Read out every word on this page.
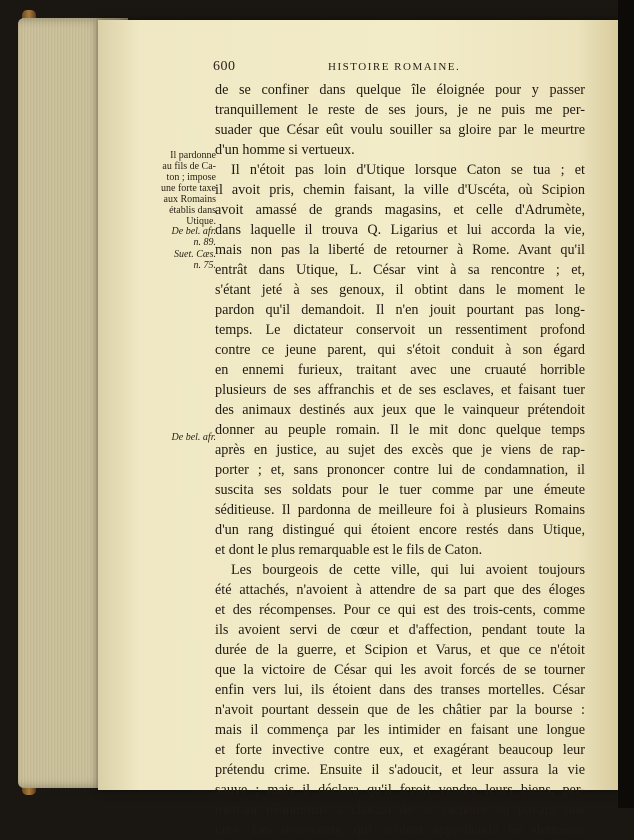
600	HISTOIRE ROMAINE.
Il pardonne
au fils de Ca-
ton ; impose
une forte taxe
aux Romains
établis dans
Utique.
De bel. afr.
n. 89.
Suet. Cæs.
n. 75.
De bel. afr.
de se confiner dans quelque île éloignée pour y passer
tranquillement le reste de ses jours, je ne puis me per-
suader que César eût voulu souiller sa gloire par le meurtre
d'un homme si vertueux.
Il n'étoit pas loin d'Utique lorsque Caton se tua ; et
il avoit pris, chemin faisant, la ville d'Uscéta, où Scipion
avoit amassé de grands magasins, et celle d'Adrumète,
dans laquelle il trouva Q. Ligarius et lui accorda la vie,
mais non pas la liberté de retourner à Rome. Avant qu'il
entrât dans Utique, L. César vint à sa rencontre ; et,
s'étant jeté à ses genoux, il obtint dans le moment le
pardon qu'il demandoit. Il n'en jouit pourtant pas long-
temps. Le dictateur conservoit un ressentiment profond
contre ce jeune parent, qui s'étoit conduit à son égard
en ennemi furieux, traitant avec une cruauté horrible
plusieurs de ses affranchis et de ses esclaves, et faisant tuer
des animaux destinés aux jeux que le vainqueur prétendoit
donner au peuple romain. Il le mit donc quelque temps
après en justice, au sujet des excès que je viens de rap-
porter ; et, sans prononcer contre lui de condamnation, il
suscita ses soldats pour le tuer comme par une émeute
séditieuse. Il pardonna de meilleure foi à plusieurs Romains
d'un rang distingué qui étoient encore restés dans Utique,
et dont le plus remarquable est le fils de Caton.
Les bourgeois de cette ville, qui lui avoient toujours
été attachés, n'avoient à attendre de sa part que des éloges
et des récompenses. Pour ce qui est des trois-cents, comme
ils avoient servi de cœur et d'affection, pendant toute la
durée de la guerre, et Scipion et Varus, et que ce n'étoit
que la victoire de César qui les avoit forcés de se tourner
enfin vers lui, ils étoient dans des transes mortelles. César
n'avoit pourtant dessein que de les châtier par la bourse :
mais il commença par les intimider en faisant une longue
et forte invective contre eux, et exagérant beaucoup leur
prétendu crime. Ensuite il s'adoucit, et leur assura la vie
sauve ; mais il déclara qu'il feroit vendre leurs biens, per-
mettant néanmoins à chacun de se racheter en payant une
taxe. Les trois-cents, qui avoient appréhendé les dernières
